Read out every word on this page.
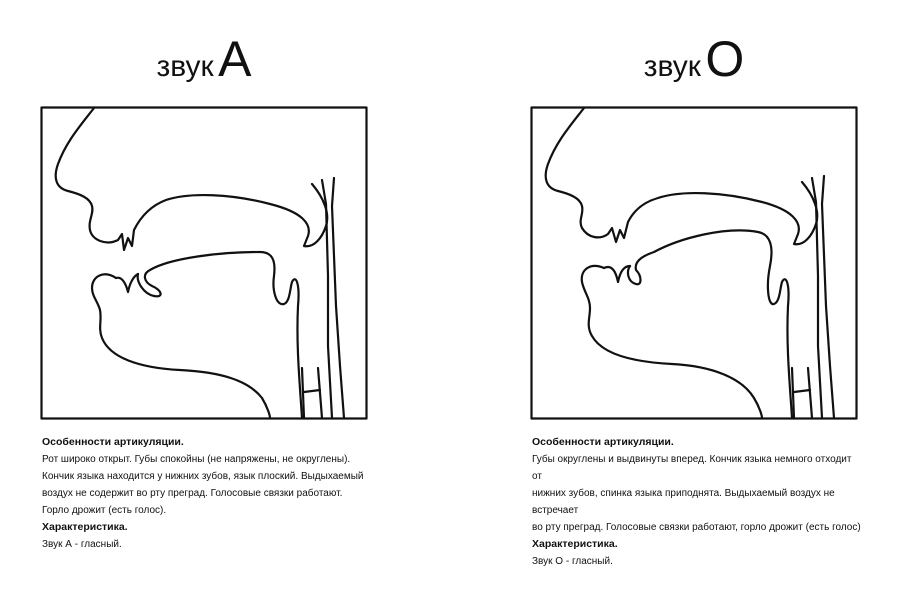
звук А
Особенности артикуляции.
Рот широко открыт. Губы спокойны (не напряжены, не округлены).
Кончик языка находится у нижних зубов, язык плоский. Выдыхаемый
воздух не содержит во рту преград. Голосовые связки работают.
Горло дрожит (есть голос).
Характеристика.
Звук А - гласный.
звук О
Особенности артикуляции.
Губы округлены и выдвинуты вперед. Кончик языка немного отходит от
нижних зубов, спинка языка приподнята. Выдыхаемый воздух не встречает
во рту преград. Голосовые связки работают, горло дрожит (есть голос)
Характеристика.
Звук О - гласный.
